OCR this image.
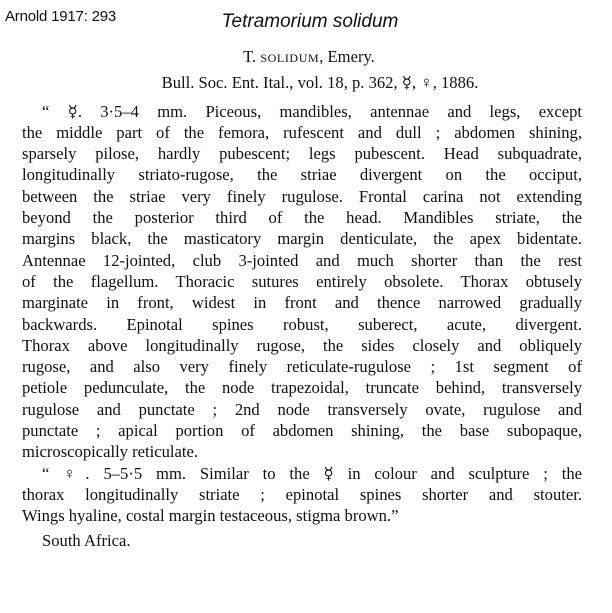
Arnold 1917: 293	Tetramorium solidum
T. solidum, Emery.
Bull. Soc. Ent. Ital., vol. 18, p. 362, ☿, ♀, 1886.
“ ☿. 3·5–4 mm. Piceous, mandibles, antennae and legs, except
the middle part of the femora, rufescent and dull ; abdomen shining,
sparsely pilose, hardly pubescent; legs pubescent. Head subquadrate,
longitudinally striato-rugose, the striae divergent on the occiput,
between the striae very finely rugulose. Frontal carina not extending
beyond the posterior third of the head. Mandibles striate, the
margins black, the masticatory margin denticulate, the apex bidentate.
Antennae 12-jointed, club 3-jointed and much shorter than the rest
of the flagellum. Thoracic sutures entirely obsolete. Thorax obtusely
marginate in front, widest in front and thence narrowed gradually
backwards. Epinotal spines robust, suberect, acute, divergent.
Thorax above longitudinally rugose, the sides closely and obliquely
rugose, and also very finely reticulate-rugulose ; 1st segment of
petiole pedunculate, the node trapezoidal, truncate behind, transversely
rugulose and punctate ; 2nd node transversely ovate, rugulose and
punctate ; apical portion of abdomen shining, the base subopaque,
microscopically reticulate.
“ ♀. 5–5·5 mm. Similar to the ☿ in colour and sculpture ; the
thorax longitudinally striate ; epinotal spines shorter and stouter.
Wings hyaline, costal margin testaceous, stigma brown.”
South Africa.
